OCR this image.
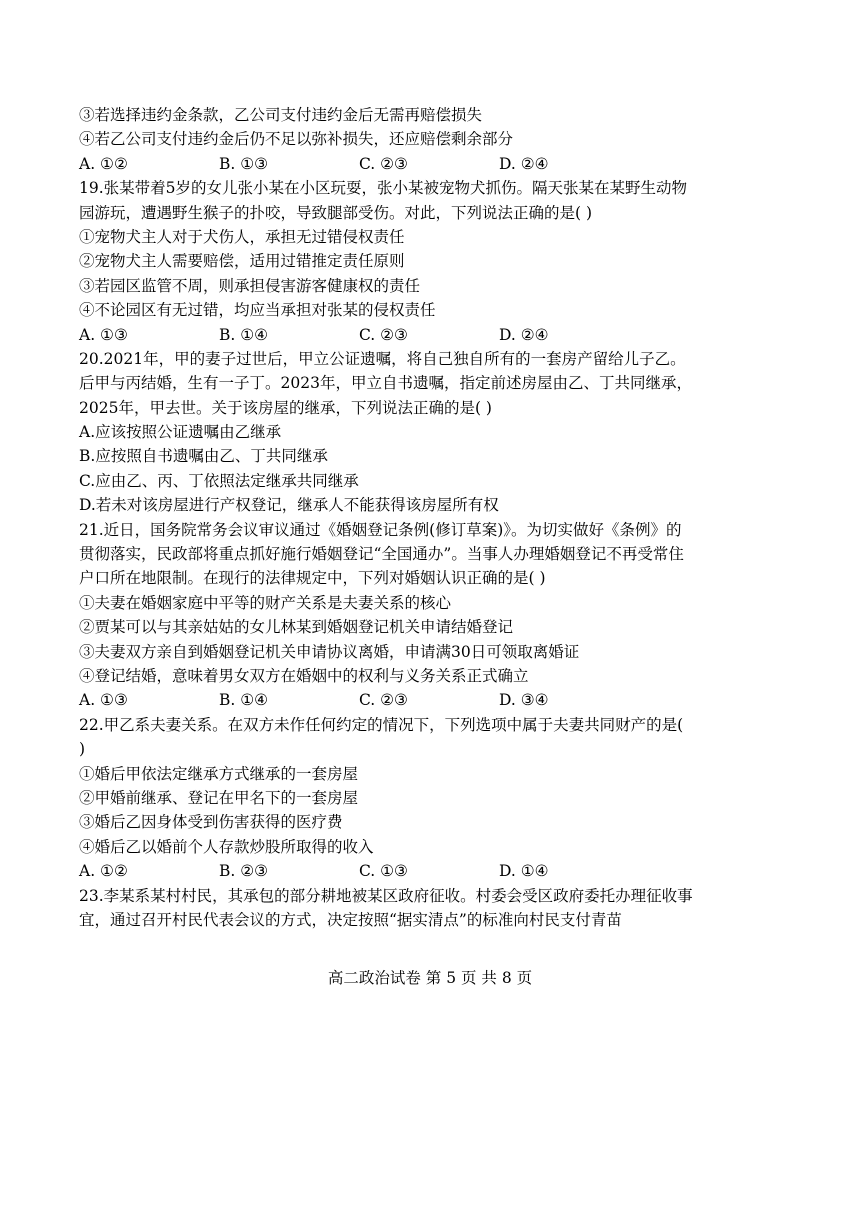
③若选择违约金条款，乙公司支付违约金后无需再赔偿损失
④若乙公司支付违约金后仍不足以弥补损失，还应赔偿剩余部分
A. ①②	B. ①③	C. ②③	D. ②④
19.张某带着5岁的女儿张小某在小区玩耍，张小某被宠物犬抓伤。隔天张某在某野生动物
园游玩，遭遇野生猴子的扑咬，导致腿部受伤。对此，下列说法正确的是( )
①宠物犬主人对于犬伤人，承担无过错侵权责任
②宠物犬主人需要赔偿，适用过错推定责任原则
③若园区监管不周，则承担侵害游客健康权的责任
④不论园区有无过错，均应当承担对张某的侵权责任
A. ①③	B. ①④	C. ②③	D. ②④
20.2021年，甲的妻子过世后，甲立公证遗嘱，将自己独自所有的一套房产留给儿子乙。
后甲与丙结婚，生有一子丁。2023年，甲立自书遗嘱，指定前述房屋由乙、丁共同继承，
2025年，甲去世。关于该房屋的继承，下列说法正确的是( )
A.应该按照公证遗嘱由乙继承
B.应按照自书遗嘱由乙、丁共同继承
C.应由乙、丙、丁依照法定继承共同继承
D.若未对该房屋进行产权登记，继承人不能获得该房屋所有权
21.近日，国务院常务会议审议通过《婚姻登记条例(修订草案)》。为切实做好《条例》的
贯彻落实，民政部将重点抓好施行婚姻登记“全国通办”。当事人办理婚姻登记不再受常住
户口所在地限制。在现行的法律规定中，下列对婚姻认识正确的是( )
①夫妻在婚姻家庭中平等的财产关系是夫妻关系的核心
②贾某可以与其亲姑姑的女儿林某到婚姻登记机关申请结婚登记
③夫妻双方亲自到婚姻登记机关申请协议离婚，申请满30日可领取离婚证
④登记结婚，意味着男女双方在婚姻中的权利与义务关系正式确立
A. ①③	B. ①④	C. ②③	D. ③④
22.甲乙系夫妻关系。在双方未作任何约定的情况下，下列选项中属于夫妻共同财产的是(
)
①婚后甲依法定继承方式继承的一套房屋
②甲婚前继承、登记在甲名下的一套房屋
③婚后乙因身体受到伤害获得的医疗费
④婚后乙以婚前个人存款炒股所取得的收入
A. ①②	B. ②③	C. ①③	D. ①④
23.李某系某村村民，其承包的部分耕地被某区政府征收。村委会受区政府委托办理征收事
宜，通过召开村民代表会议的方式，决定按照“据实清点”的标准向村民支付青苗
高二政治试卷 第 5 页 共 8 页
